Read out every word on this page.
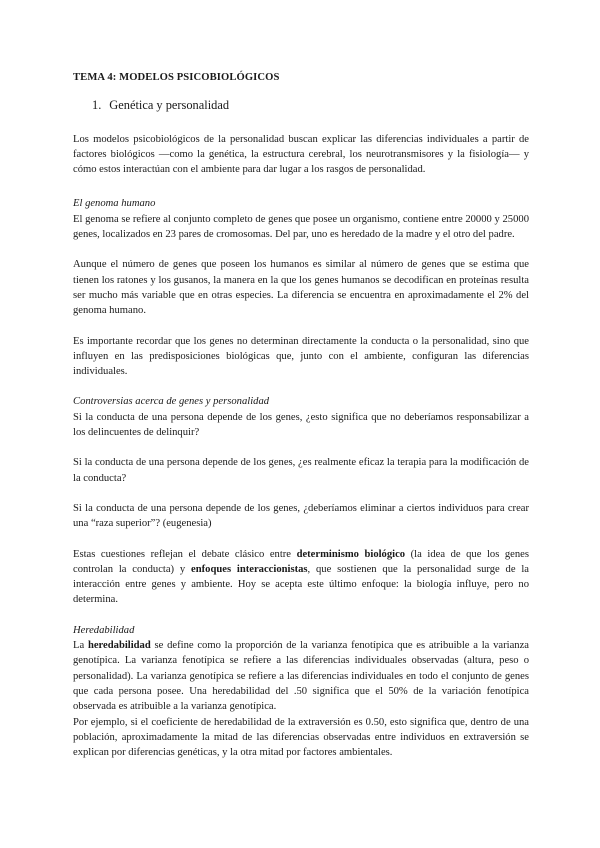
TEMA 4: MODELOS PSICOBIOLÓGICOS
1. Genética y personalidad

Los modelos psicobiológicos de la personalidad buscan explicar las diferencias individuales a partir de factores biológicos —como la genética, la estructura cerebral, los neurotransmisores y la fisiología— y cómo estos interactúan con el ambiente para dar lugar a los rasgos de personalidad.

El genoma humano

El genoma se refiere al conjunto completo de genes que posee un organismo, contiene entre 20000 y 25000 genes, localizados en 23 pares de cromosomas. Del par, uno es heredado de la madre y el otro del padre.

Aunque el número de genes que poseen los humanos es similar al número de genes que se estima que tienen los ratones y los gusanos, la manera en la que los genes humanos se decodifican en proteínas resulta ser mucho más variable que en otras especies. La diferencia se encuentra en aproximadamente el 2% del genoma humano.

Es importante recordar que los genes no determinan directamente la conducta o la personalidad, sino que influyen en las predisposiciones biológicas que, junto con el ambiente, configuran las diferencias individuales.

Controversias acerca de genes y personalidad

Si la conducta de una persona depende de los genes, ¿esto significa que no deberíamos responsabilizar a los delincuentes de delinquir?

Si la conducta de una persona depende de los genes, ¿es realmente eficaz la terapia para la modificación de la conducta?

Si la conducta de una persona depende de los genes, ¿deberíamos eliminar a ciertos individuos para crear una “raza superior”? (eugenesia)

Estas cuestiones reflejan el debate clásico entre determinismo biológico (la idea de que los genes controlan la conducta) y enfoques interaccionistas, que sostienen que la personalidad surge de la interacción entre genes y ambiente. Hoy se acepta este último enfoque: la biología influye, pero no determina.

Heredabilidad

La heredabilidad se define como la proporción de la varianza fenotípica que es atribuible a la varianza genotípica. La varianza fenotípica se refiere a las diferencias individuales observadas (altura, peso o personalidad). La varianza genotípica se refiere a las diferencias individuales en todo el conjunto de genes que cada persona posee. Una heredabilidad del .50 significa que el 50% de la variación fenotípica observada es atribuible a la varianza genotípica.

Por ejemplo, si el coeficiente de heredabilidad de la extraversión es 0.50, esto significa que, dentro de una población, aproximadamente la mitad de las diferencias observadas entre individuos en extraversión se explican por diferencias genéticas, y la otra mitad por factores ambientales.
